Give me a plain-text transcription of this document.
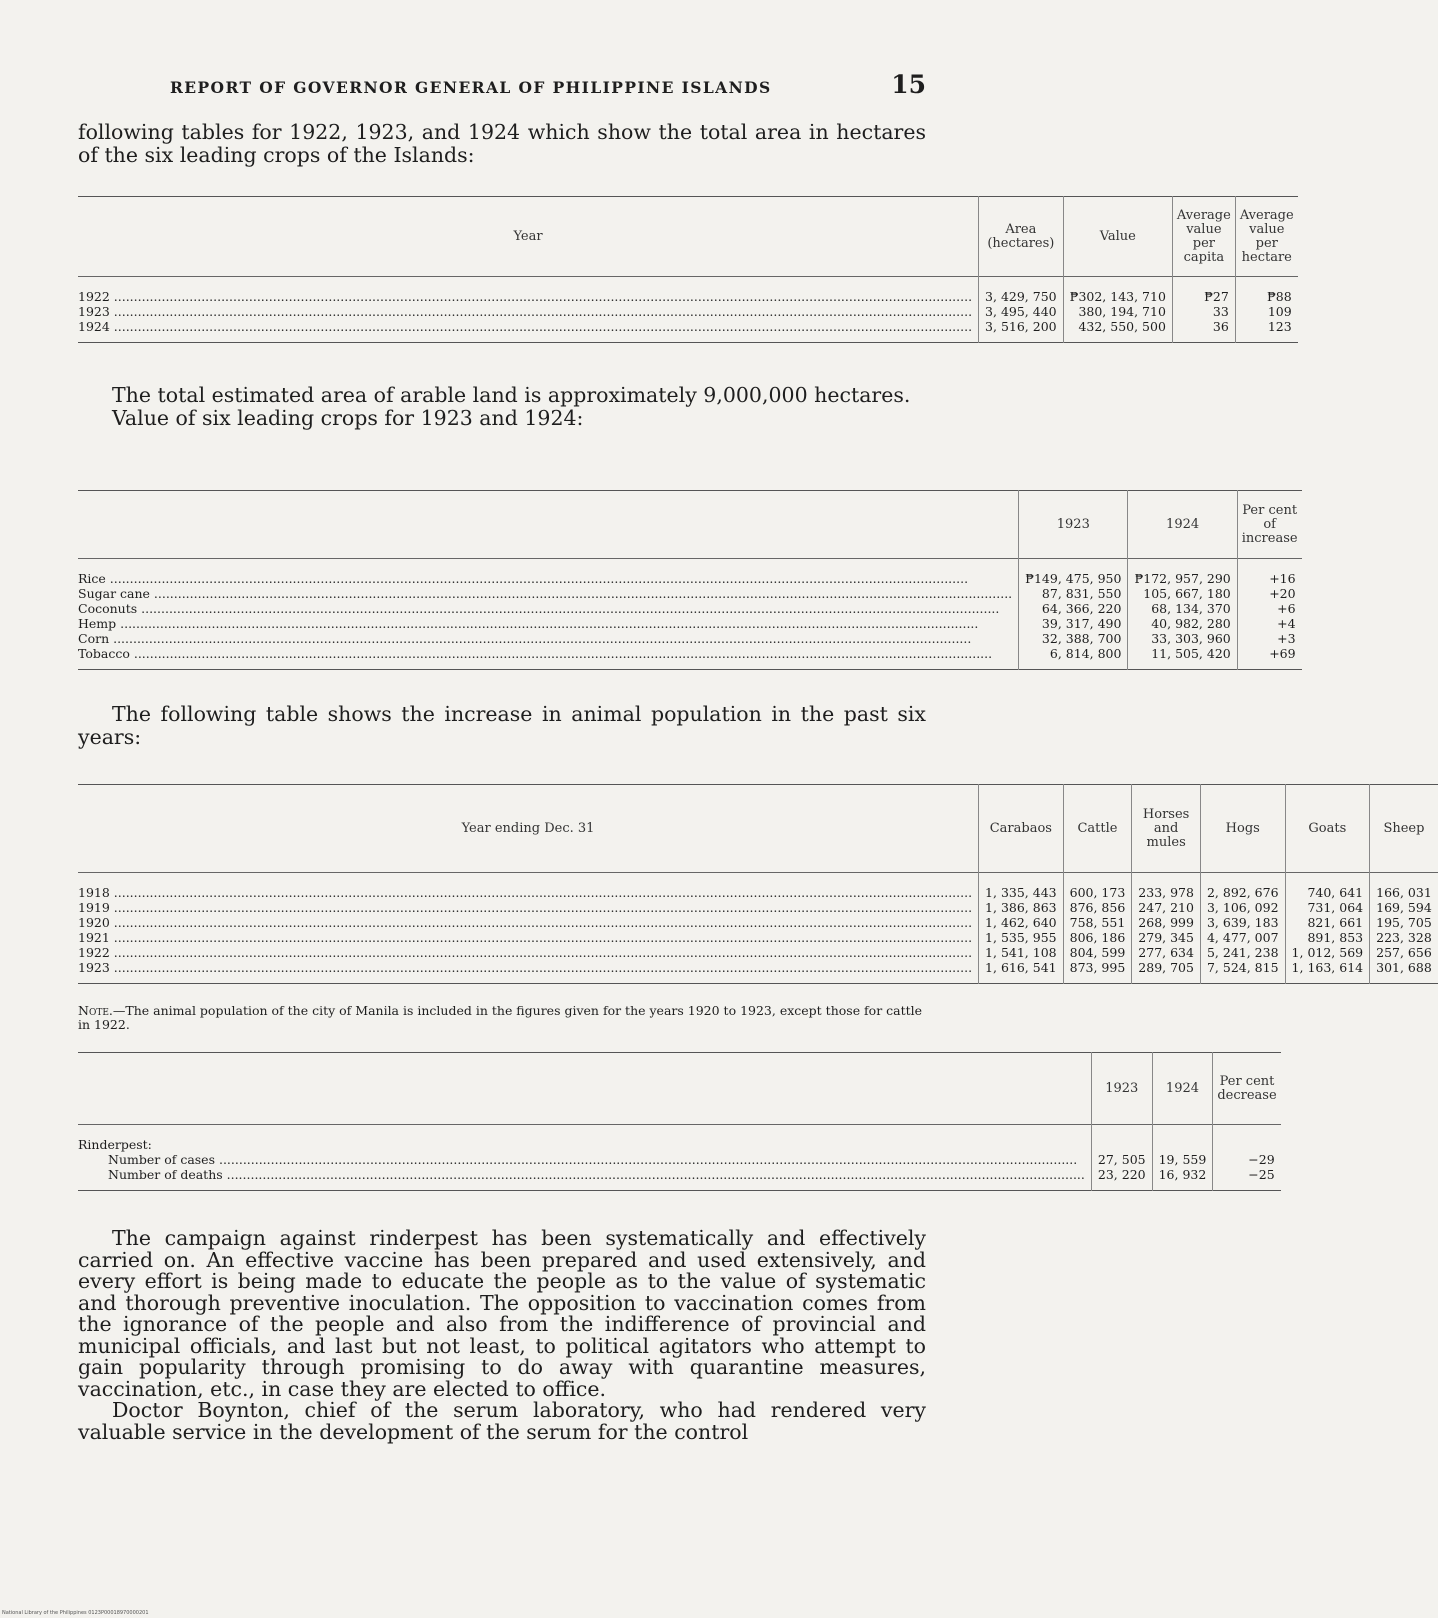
REPORT OF GOVERNOR GENERAL OF PHILIPPINE ISLANDS	15

following tables for 1922, 1923, and 1924 which show the total area in hectares of the six leading crops of the Islands:

Year	Area (hectares)	Value	Average value per capita	Average value per hectare

1922 .....	3, 429, 750	₱302, 143, 710	₱27	₱88

1923 .....	3, 495, 440	380, 194, 710	33	109

1924 .....	3, 516, 200	432, 550, 500	36	123

The total estimated area of arable land is approximately 9,000,000 hectares.

Value of six leading crops for 1923 and 1924:

	1923	1924	Per cent of increase

Rice .....	₱149, 475, 950	₱172, 957, 290	+16

Sugar cane .....	87, 831, 550	105, 667, 180	+20

Coconuts .....	64, 366, 220	68, 134, 370	+6

Hemp .....	39, 317, 490	40, 982, 280	+4

Corn .....	32, 388, 700	33, 303, 960	+3

Tobacco .....	6, 814, 800	11, 505, 420	+69

The following table shows the increase in animal population in the past six years:

Year ending Dec. 31	Carabaos	Cattle	Horses and mules	Hogs	Goats	Sheep

1918 .....	1, 335, 443	600, 173	233, 978	2, 892, 676	740, 641	166, 031

1919 .....	1, 386, 863	876, 856	247, 210	3, 106, 092	731, 064	169, 594

1920 .....	1, 462, 640	758, 551	268, 999	3, 639, 183	821, 661	195, 705

1921 .....	1, 535, 955	806, 186	279, 345	4, 477, 007	891, 853	223, 328

1922 .....	1, 541, 108	804, 599	277, 634	5, 241, 238	1, 012, 569	257, 656

1923 .....	1, 616, 541	873, 995	289, 705	7, 524, 815	1, 163, 614	301, 688
Note.—The animal population of the city of Manila is included in the figures given for the years 1920 to 1923, except those for cattle in 1922.
	1923	1924	Per cent decrease
Rinderpest:			

Number of cases .....	27, 505	19, 559	−29

Number of deaths .....	23, 220	16, 932	−25

The campaign against rinderpest has been systematically and effectively carried on. An effective vaccine has been prepared and used extensively, and every effort is being made to educate the people as to the value of systematic and thorough preventive inoculation. The opposition to vaccination comes from the ignorance of the people and also from the indifference of provincial and municipal officials, and last but not least, to political agitators who attempt to gain popularity through promising to do away with quarantine measures, vaccination, etc., in case they are elected to office.

Doctor Boynton, chief of the serum laboratory, who had rendered very valuable service in the development of the serum for the control

National Library of the Philippines 0123P00018970000201
